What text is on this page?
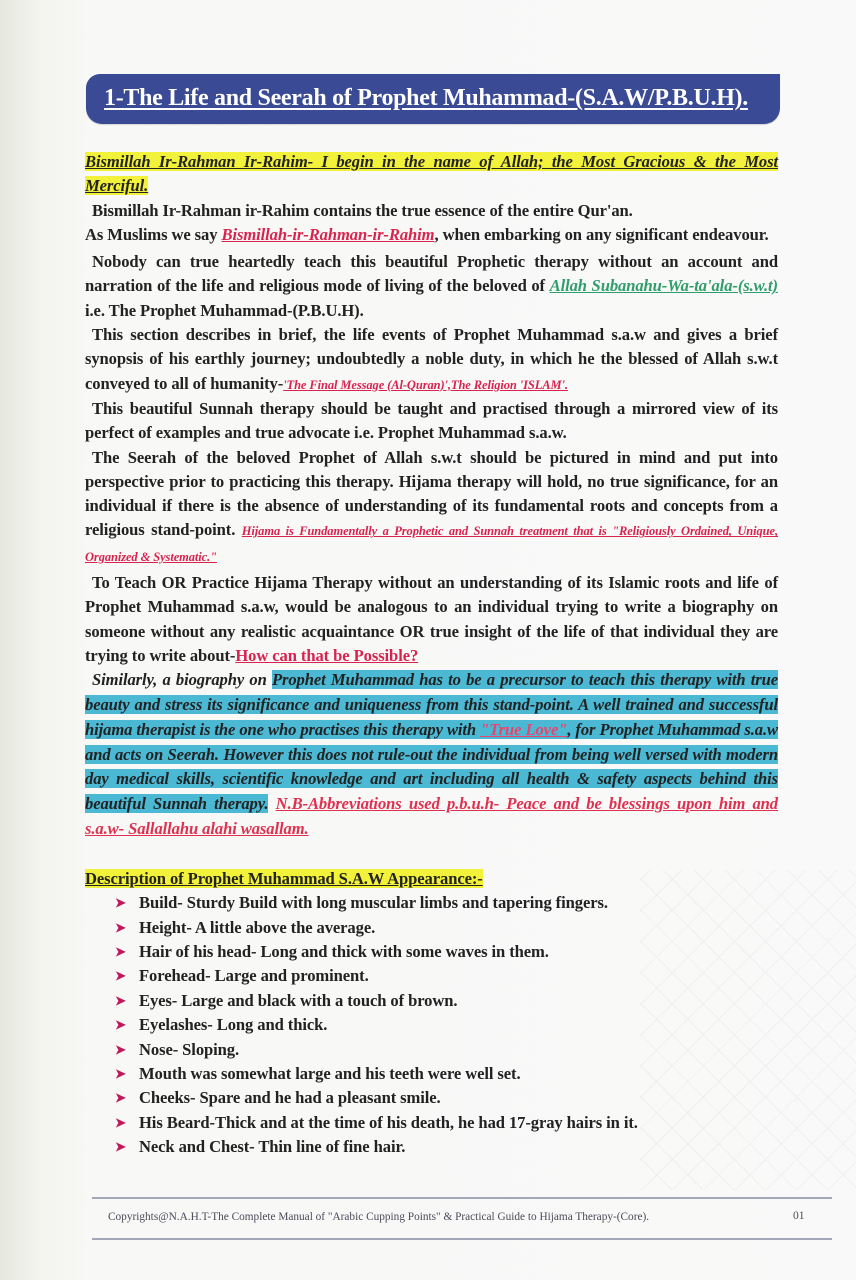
1-The Life and Seerah of Prophet Muhammad-(S.A.W/P.B.U.H).

Bismillah Ir-Rahman Ir-Rahim- I begin in the name of Allah; the Most Gracious & the Most Merciful.

Bismillah Ir-Rahman ir-Rahim contains the true essence of the entire Qur'an.

As Muslims we say Bismillah-ir-Rahman-ir-Rahim, when embarking on any significant endeavour.

Nobody can true heartedly teach this beautiful Prophetic therapy without an account and narration of the life and religious mode of living of the beloved of Allah Subanahu-Wa-ta'ala-(s.w.t) i.e. The Prophet Muhammad-(P.B.U.H).

This section describes in brief, the life events of Prophet Muhammad s.a.w and gives a brief synopsis of his earthly journey; undoubtedly a noble duty, in which he the blessed of Allah s.w.t conveyed to all of humanity-'The Final Message (Al-Quran)',The Religion 'ISLAM'.

This beautiful Sunnah therapy should be taught and practised through a mirrored view of its perfect of examples and true advocate i.e. Prophet Muhammad s.a.w.

The Seerah of the beloved Prophet of Allah s.w.t should be pictured in mind and put into perspective prior to practicing this therapy. Hijama therapy will hold, no true significance, for an individual if there is the absence of understanding of its fundamental roots and concepts from a religious stand-point. Hijama is Fundamentally a Prophetic and Sunnah treatment that is "Religiously Ordained, Unique, Organized & Systematic."

To Teach OR Practice Hijama Therapy without an understanding of its Islamic roots and life of Prophet Muhammad s.a.w, would be analogous to an individual trying to write a biography on someone without any realistic acquaintance OR true insight of the life of that individual they are trying to write about-How can that be Possible?

Similarly, a biography on Prophet Muhammad has to be a precursor to teach this therapy with true beauty and stress its significance and uniqueness from this stand-point. A well trained and successful hijama therapist is the one who practises this therapy with "True Love", for Prophet Muhammad s.a.w and acts on Seerah. However this does not rule-out the individual from being well versed with modern day medical skills, scientific knowledge and art including all health & safety aspects behind this beautiful Sunnah therapy. N.B-Abbreviations used p.b.u.h- Peace and be blessings upon him and s.a.w- Sallallahu alahi wasallam.

Description of Prophet Muhammad S.A.W Appearance:-

➤ Build- Sturdy Build with long muscular limbs and tapering fingers.
➤ Height- A little above the average.
➤ Hair of his head- Long and thick with some waves in them.
➤ Forehead- Large and prominent.
➤ Eyes- Large and black with a touch of brown.
➤ Eyelashes- Long and thick.
➤ Nose- Sloping.
➤ Mouth was somewhat large and his teeth were well set.
➤ Cheeks- Spare and he had a pleasant smile.
➤ His Beard-Thick and at the time of his death, he had 17-gray hairs in it.
➤ Neck and Chest- Thin line of fine hair.
Copyrights@N.A.H.T-The Complete Manual of "Arabic Cupping Points" & Practical Guide to Hijama Therapy-(Core).	01
